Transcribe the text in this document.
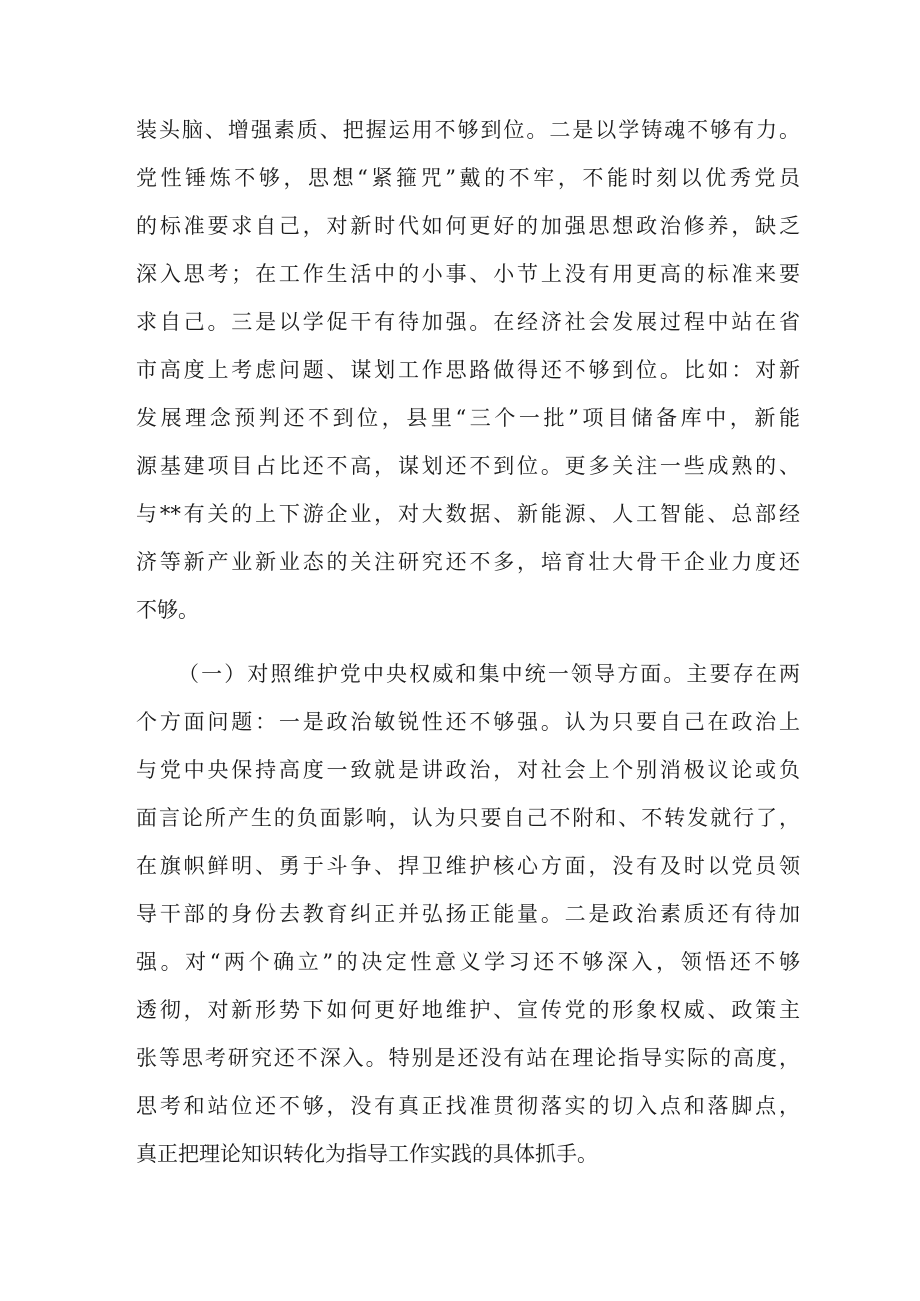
装头脑、增强素质、把握运用不够到位。二是以学铸魂不够有力。
党性锤炼不够，思想“紧箍咒”戴的不牢，不能时刻以优秀党员
的标准要求自己，对新时代如何更好的加强思想政治修养，缺乏
深入思考；在工作生活中的小事、小节上没有用更高的标准来要
求自己。三是以学促干有待加强。在经济社会发展过程中站在省
市高度上考虑问题、谋划工作思路做得还不够到位。比如：对新
发展理念预判还不到位，县里“三个一批”项目储备库中，新能
源基建项目占比还不高，谋划还不到位。更多关注一些成熟的、
与**有关的上下游企业，对大数据、新能源、人工智能、总部经
济等新产业新业态的关注研究还不多，培育壮大骨干企业力度还
不够。
（一）对照维护党中央权威和集中统一领导方面。主要存在两
个方面问题：一是政治敏锐性还不够强。认为只要自己在政治上
与党中央保持高度一致就是讲政治，对社会上个别消极议论或负
面言论所产生的负面影响，认为只要自己不附和、不转发就行了，
在旗帜鲜明、勇于斗争、捍卫维护核心方面，没有及时以党员领
导干部的身份去教育纠正并弘扬正能量。二是政治素质还有待加
强。对“两个确立”的决定性意义学习还不够深入，领悟还不够
透彻，对新形势下如何更好地维护、宣传党的形象权威、政策主
张等思考研究还不深入。特别是还没有站在理论指导实际的高度，
思考和站位还不够，没有真正找准贯彻落实的切入点和落脚点，
真正把理论知识转化为指导工作实践的具体抓手。
